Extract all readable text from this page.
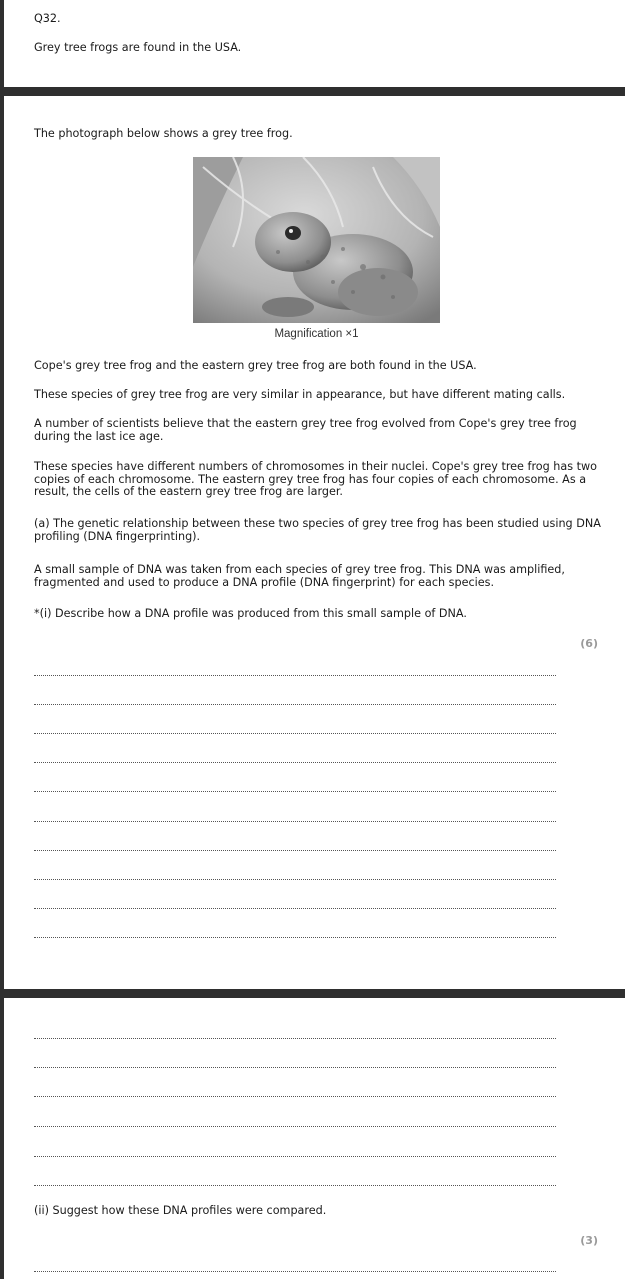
Q32.

Grey tree frogs are found in the USA.

The photograph below shows a grey tree frog.

Magnification ×1

Cope's grey tree frog and the eastern grey tree frog are both found in the USA.

These species of grey tree frog are very similar in appearance, but have different mating calls.

A number of scientists believe that the eastern grey tree frog evolved from Cope's grey tree frog during the last ice age.

These species have different numbers of chromosomes in their nuclei. Cope's grey tree frog has two copies of each chromosome. The eastern grey tree frog has four copies of each chromosome. As a result, the cells of the eastern grey tree frog are larger.

(a) The genetic relationship between these two species of grey tree frog has been studied using DNA profiling (DNA fingerprinting).

A small sample of DNA was taken from each species of grey tree frog. This DNA was amplified, fragmented and used to produce a DNA profile (DNA fingerprint) for each species.

*(i) Describe how a DNA profile was produced from this small sample of DNA.

(6)

(ii) Suggest how these DNA profiles were compared.

(3)
